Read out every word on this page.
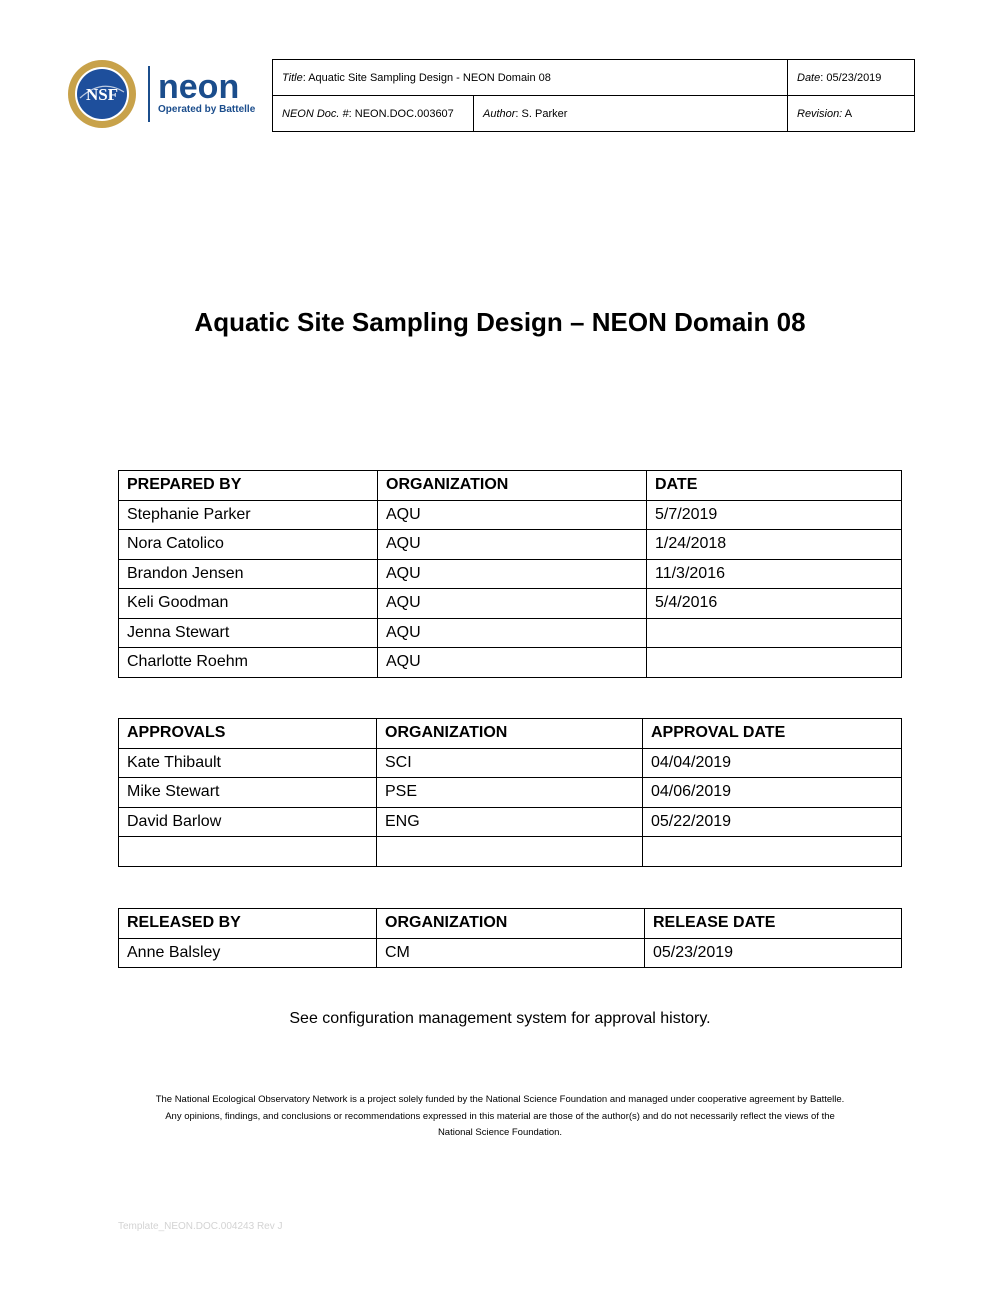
NSF neon
Operated by Battelle
Title: Aquatic Site Sampling Design - NEON Domain 08		Date: 05/23/2019
NEON Doc. #: NEON.DOC.003607	Author: S. Parker	Revision: A
Aquatic Site Sampling Design – NEON Domain 08
PREPARED BY	ORGANIZATION	DATE
Stephanie Parker	AQU	5/7/2019
Nora Catolico	AQU	1/24/2018
Brandon Jensen	AQU	11/3/2016
Keli Goodman	AQU	5/4/2016
Jenna Stewart	AQU	
Charlotte Roehm	AQU	
APPROVALS	ORGANIZATION	APPROVAL DATE
Kate Thibault	SCI	04/04/2019
Mike Stewart	PSE	04/06/2019
David Barlow	ENG	05/22/2019

RELEASED BY	ORGANIZATION	RELEASE DATE
Anne Balsley	CM	05/23/2019
See configuration management system for approval history.
The National Ecological Observatory Network is a project solely funded by the National Science Foundation and managed under cooperative agreement by Battelle.
Any opinions, findings, and conclusions or recommendations expressed in this material are those of the author(s) and do not necessarily reflect the views of the
National Science Foundation.
Template_NEON.DOC.004243 Rev J
